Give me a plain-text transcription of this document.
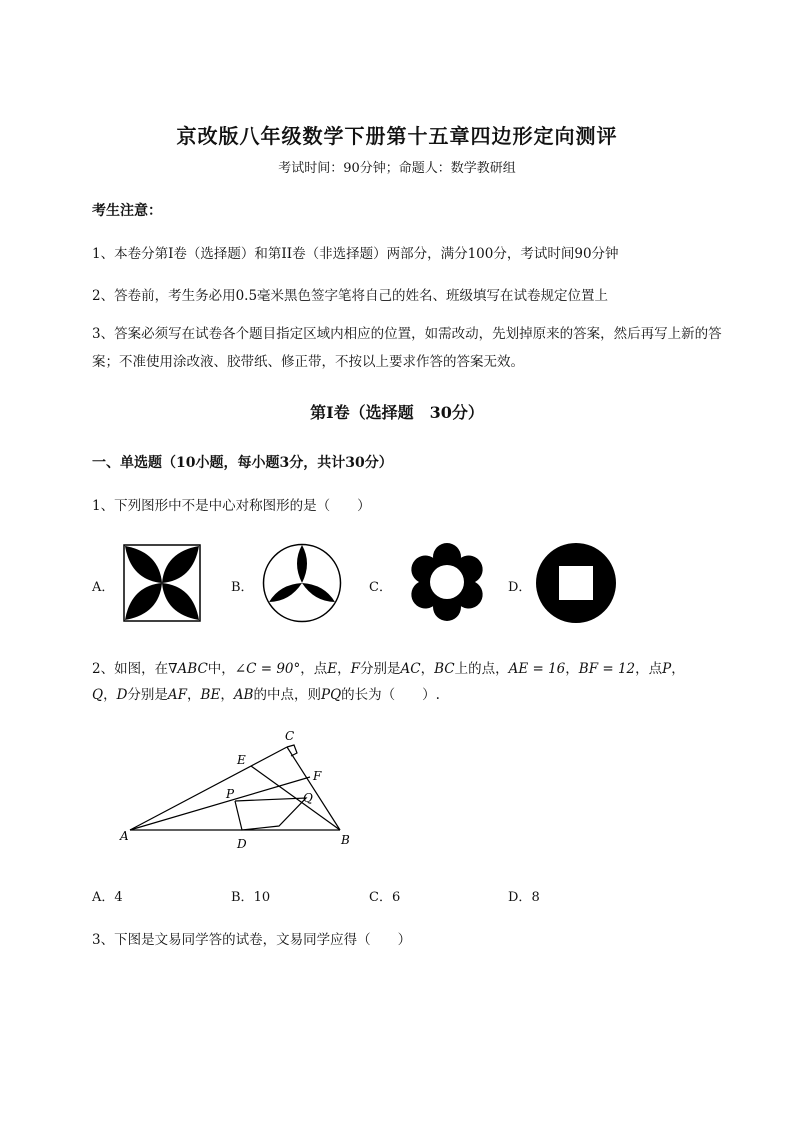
京改版八年级数学下册第十五章四边形定向测评
考试时间：90分钟；命题人：数学教研组
考生注意：
1、本卷分第I卷（选择题）和第II卷（非选择题）两部分，满分100分，考试时间90分钟
2、答卷前，考生务必用0.5毫米黑色签字笔将自己的姓名、班级填写在试卷规定位置上
3、答案必须写在试卷各个题目指定区域内相应的位置，如需改动，先划掉原来的答案，然后再写上新的答案；不准使用涂改液、胶带纸、修正带，不按以上要求作答的答案无效。
第I卷（选择题　30分）
一、单选题（10小题，每小题3分，共计30分）
1、下列图形中不是中心对称图形的是（　　）
A．	B．	C．	D．
2、如图，在∇ABC中，∠C = 90°，点E，F分别是AC，BC上的点，AE = 16，BF = 12，点P，
Q，D分别是AF，BE，AB的中点，则PQ的长为（　　）.
C
E
F
P	Q
A
D	B
A．4	B．10	C．6	D．8
3、下图是文易同学答的试卷，文易同学应得（　　）
